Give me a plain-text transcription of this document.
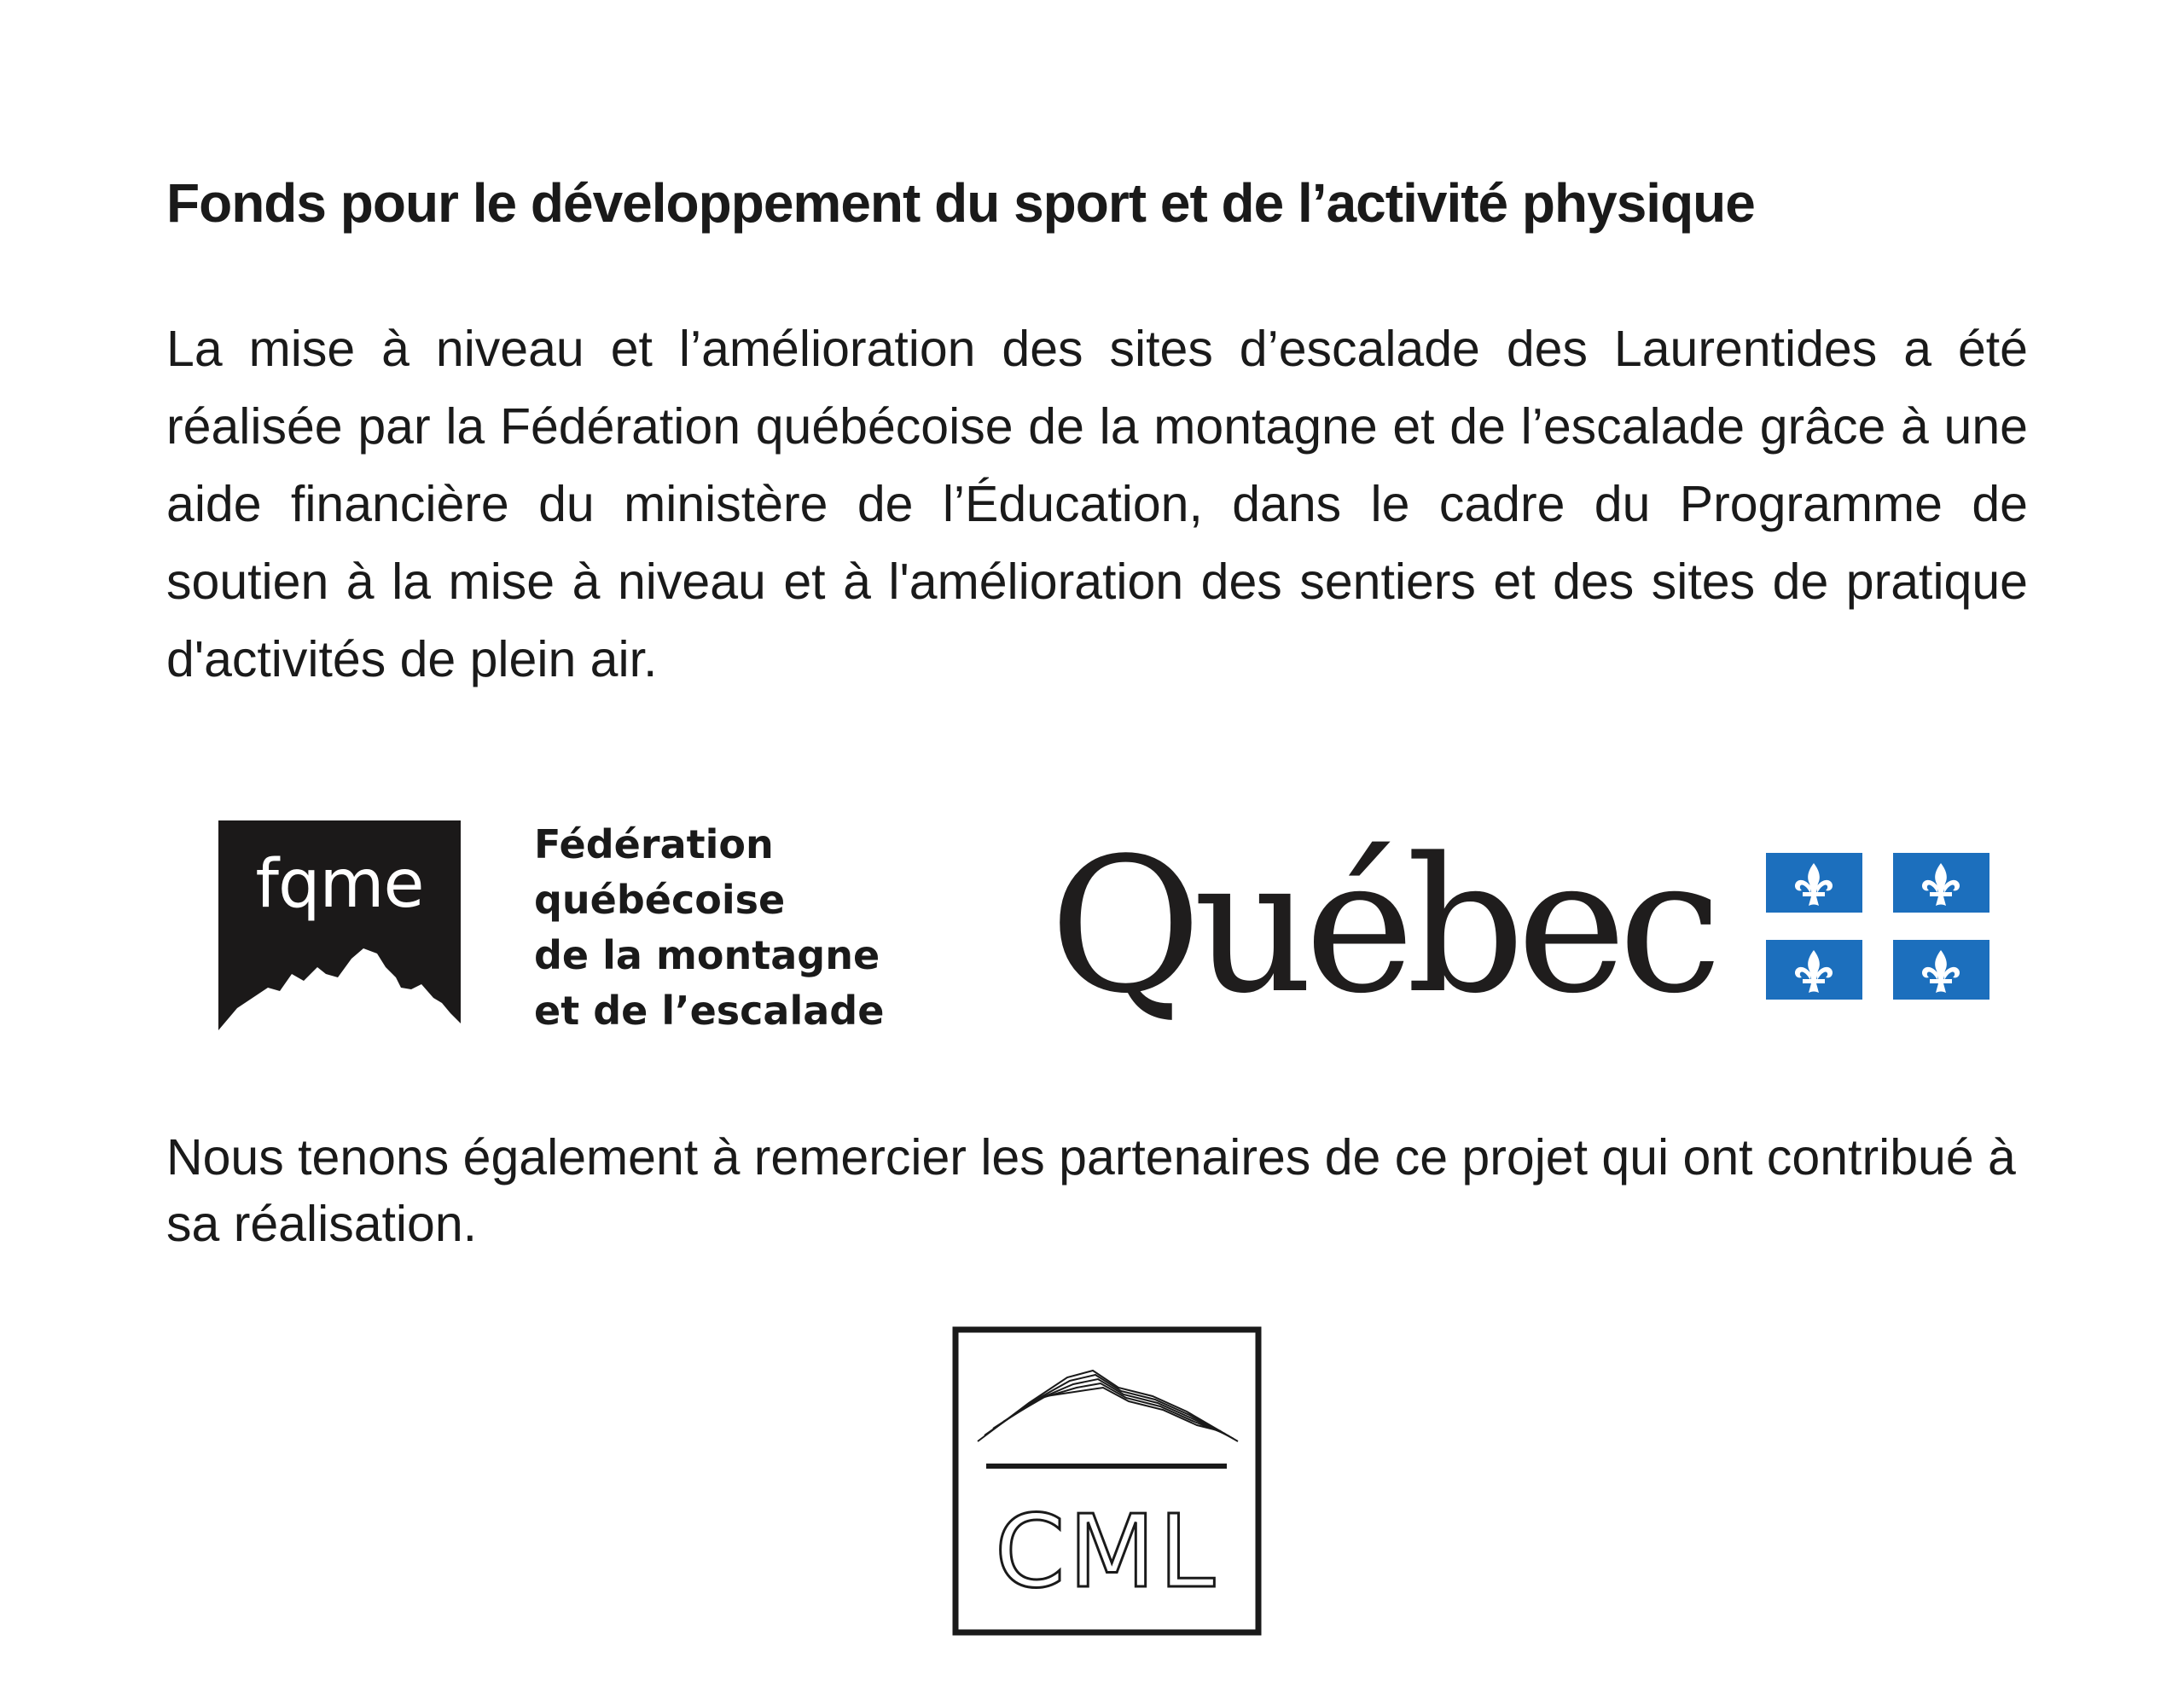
Fonds pour le développement du sport et de l’activité physique

La mise à niveau et l’amélioration des sites d’escalade des Laurentides a été réalisée par la Fédération québécoise de la montagne et de l’escalade grâce à une aide financière du ministère de l’Éducation, dans le cadre du Programme de soutien à la mise à niveau et à l'amélioration des sentiers et des sites de pratique d'activités de plein air.

fqme
Fédération
québécoise
de la montagne
et de l’escalade Québec

Nous tenons également à remercier les partenaires de ce projet qui ont contribué à sa réalisation.

CML
